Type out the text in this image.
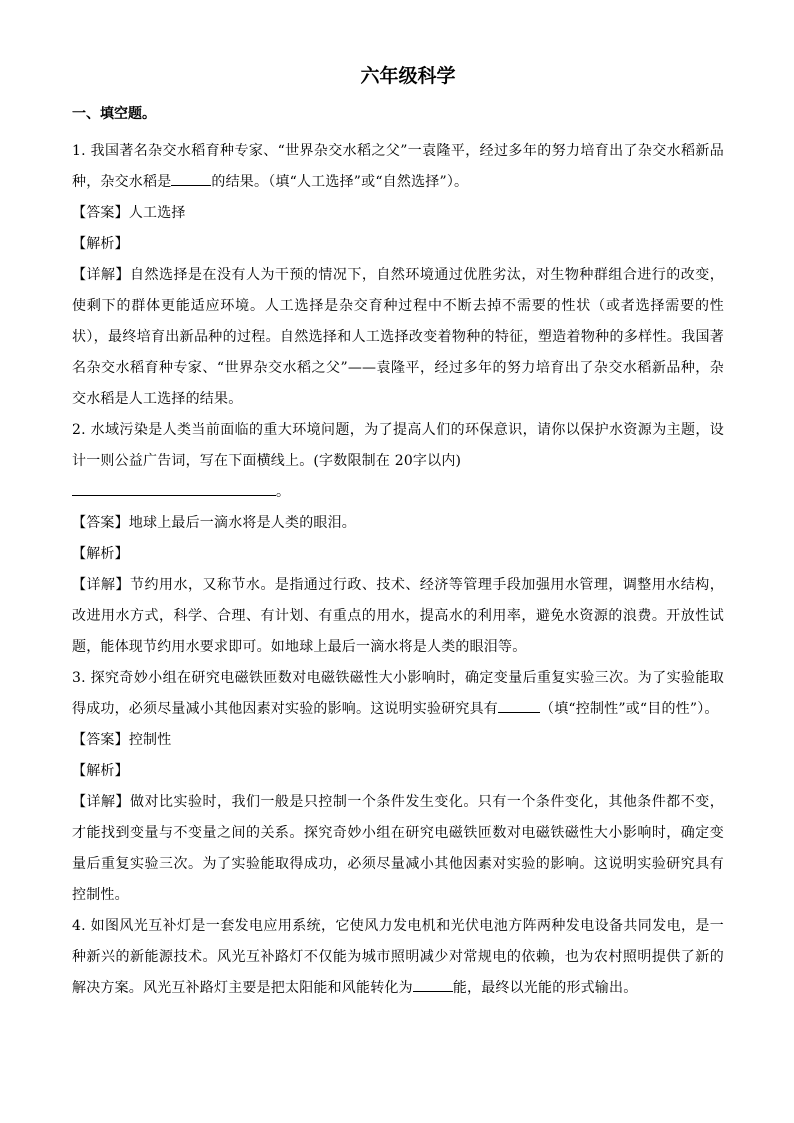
六年级科学
一、填空题。
1. 我国著名杂交水稻育种专家、“世界杂交水稻之父”一袁隆平，经过多年的努力培育出了杂交水稻新品种，杂交水稻是	的结果。（填“人工选择”或“自然选择”）。
【答案】人工选择
【解析】
【详解】自然选择是在没有人为干预的情况下，自然环境通过优胜劣汰，对生物种群组合进行的改变，使剩下的群体更能适应环境。人工选择是杂交育种过程中不断去掉不需要的性状（或者选择需要的性状），最终培育出新品种的过程。自然选择和人工选择改变着物种的特征，塑造着物种的多样性。我国著名杂交水稻育种专家、“世界杂交水稻之父”——袁隆平，经过多年的努力培育出了杂交水稻新品种，杂交水稻是人工选择的结果。
2. 水域污染是人类当前面临的重大环境问题，为了提高人们的环保意识，请你以保护水资源为主题，设计一则公益广告词，写在下面横线上。(字数限制在 20字以内)
。
【答案】地球上最后一滴水将是人类的眼泪。
【解析】
【详解】节约用水，又称节水。是指通过行政、技术、经济等管理手段加强用水管理，调整用水结构，改进用水方式，科学、合理、有计划、有重点的用水，提高水的利用率，避免水资源的浪费。开放性试题，能体现节约用水要求即可。如地球上最后一滴水将是人类的眼泪等。
3. 探究奇妙小组在研究电磁铁匝数对电磁铁磁性大小影响时，确定变量后重复实验三次。为了实验能取得成功，必须尽量减小其他因素对实验的影响。这说明实验研究具有	（填“控制性”或“目的性”）。
【答案】控制性
【解析】
【详解】做对比实验时，我们一般是只控制一个条件发生变化。只有一个条件变化，其他条件都不变，才能找到变量与不变量之间的关系。探究奇妙小组在研究电磁铁匝数对电磁铁磁性大小影响时，确定变量后重复实验三次。为了实验能取得成功，必须尽量减小其他因素对实验的影响。这说明实验研究具有控制性。
4. 如图风光互补灯是一套发电应用系统，它使风力发电机和光伏电池方阵两种发电设备共同发电，是一种新兴的新能源技术。风光互补路灯不仅能为城市照明减少对常规电的依赖，也为农村照明提供了新的解决方案。风光互补路灯主要是把太阳能和风能转化为	能，最终以光能的形式输出。
